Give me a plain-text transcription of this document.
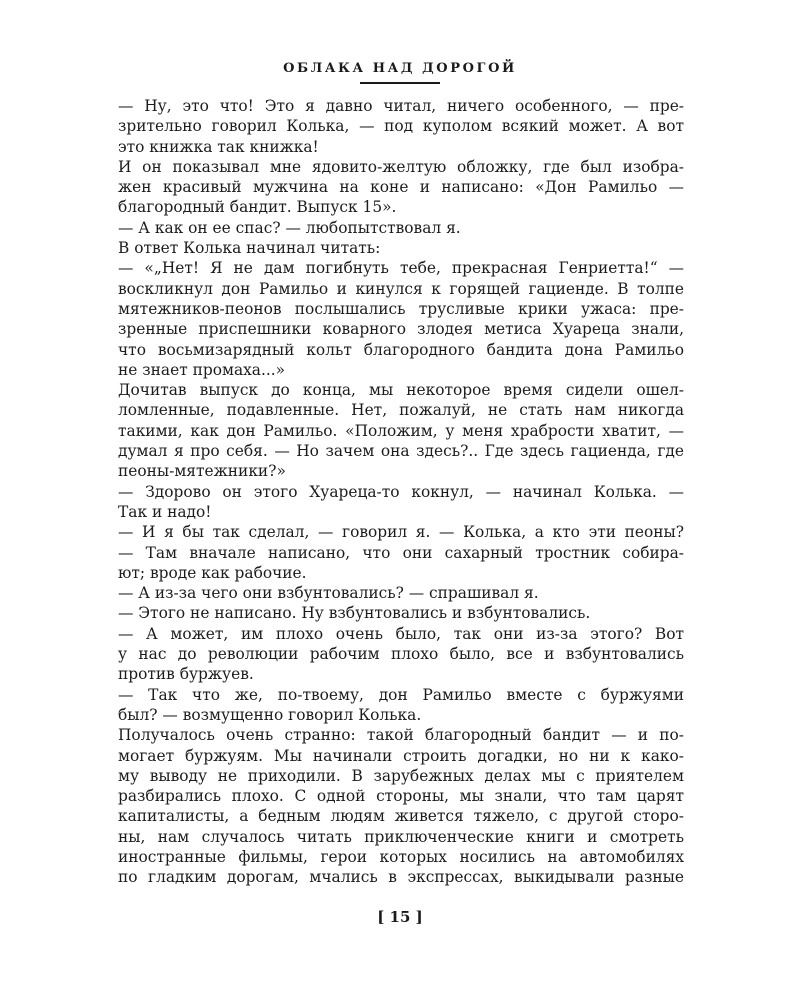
ОБЛАКА НАД ДОРОГОЙ
— Ну, это что! Это я давно читал, ничего особенного, — пре-
зрительно говорил Колька, — под куполом всякий может. А вот
это книжка так книжка!
И он показывал мне ядовито-желтую обложку, где был изобра-
жен красивый мужчина на коне и написано: «Дон Рамильо —
благородный бандит. Выпуск 15».
— А как он ее спас? — любопытствовал я.
В ответ Колька начинал читать:
— «„Нет! Я не дам погибнуть тебе, прекрасная Генриетта!“ —
воскликнул дон Рамильо и кинулся к горящей гациенде. В толпе
мятежников-пеонов послышались трусливые крики ужаса: пре-
зренные приспешники коварного злодея метиса Хуареца знали,
что восьмизарядный кольт благородного бандита дона Рамильо
не знает промаха...»
Дочитав выпуск до конца, мы некоторое время сидели ошел-
ломленные, подавленные. Нет, пожалуй, не стать нам никогда
такими, как дон Рамильо. «Положим, у меня храбрости хватит, —
думал я про себя. — Но зачем она здесь?.. Где здесь гациенда, где
пеоны-мятежники?»
— Здорово он этого Хуареца-то кокнул, — начинал Колька. —
Так и надо!
— И я бы так сделал, — говорил я. — Колька, а кто эти пеоны?
— Там вначале написано, что они сахарный тростник собира-
ют; вроде как рабочие.
— А из-за чего они взбунтовались? — спрашивал я.
— Этого не написано. Ну взбунтовались и взбунтовались.
— А может, им плохо очень было, так они из-за этого? Вот
у нас до революции рабочим плохо было, все и взбунтовались
против буржуев.
— Так что же, по-твоему, дон Рамильо вместе с буржуями
был? — возмущенно говорил Колька.
Получалось очень странно: такой благородный бандит — и по-
могает буржуям. Мы начинали строить догадки, но ни к како-
му выводу не приходили. В зарубежных делах мы с приятелем
разбирались плохо. С одной стороны, мы знали, что там царят
капиталисты, а бедным людям живется тяжело, с другой сторо-
ны, нам случалось читать приключенческие книги и смотреть
иностранные фильмы, герои которых носились на автомобилях
по гладким дорогам, мчались в экспрессах, выкидывали разные
[ 15 ]
